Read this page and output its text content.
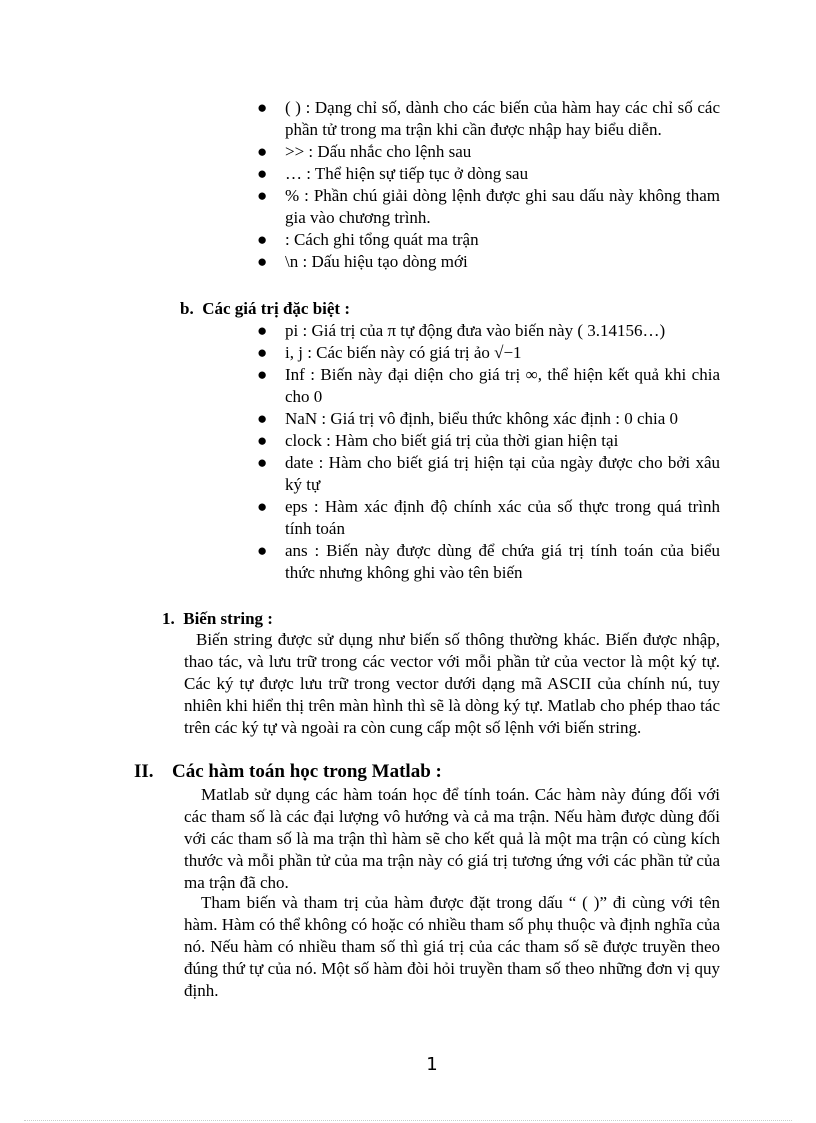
● ( ) : Dạng chỉ số, dành cho các biến của hàm hay các chỉ số các phần tử trong ma trận khi cần được nhập hay biểu diễn.
● >> : Dấu nhắc cho lệnh sau
● … : Thể hiện sự tiếp tục ở dòng sau
● % : Phần chú giải dòng lệnh được ghi sau dấu này không tham gia vào chương trình.
● : Cách ghi tổng quát ma trận
● \n : Dấu hiệu tạo dòng mới
b. Các giá trị đặc biệt :
● pi : Giá trị của π tự động đưa vào biến này ( 3.14156…)
● i, j : Các biến này có giá trị ảo √−1
● Inf : Biến này đại diện cho giá trị ∞, thể hiện kết quả khi chia cho 0
● NaN : Giá trị vô định, biểu thức không xác định : 0 chia 0
● clock : Hàm cho biết giá trị của thời gian hiện tại
● date : Hàm cho biết giá trị hiện tại của ngày được cho bởi xâu ký tự
● eps : Hàm xác định độ chính xác của số thực trong quá trình tính toán
● ans : Biến này được dùng để chứa giá trị tính toán của biểu thức nhưng không ghi vào tên biến
1. Biến string :

Biến string được sử dụng như biến số thông thường khác. Biến được nhập, thao tác, và lưu trữ trong các vector với mỗi phần tử của vector là một ký tự. Các ký tự được lưu trữ trong vector dưới dạng mã ASCII của chính nú, tuy nhiên khi hiển thị trên màn hình thì sẽ là dòng ký tự. Matlab cho phép thao tác trên các ký tự và ngoài ra còn cung cấp một số lệnh với biến string.

II. Các hàm toán học trong Matlab :

Matlab sử dụng các hàm toán học để tính toán. Các hàm này đúng đối với các tham số là các đại lượng vô hướng và cả ma trận. Nếu hàm được dùng đối với các tham số là ma trận thì hàm sẽ cho kết quả là một ma trận có cùng kích thước và mỗi phần tử của ma trận này có giá trị tương ứng với các phần tử của ma trận đã cho.

Tham biến và tham trị của hàm được đặt trong dấu “ ( )” đi cùng với tên hàm. Hàm có thể không có hoặc có nhiều tham số phụ thuộc và định nghĩa của nó. Nếu hàm có nhiều tham số thì giá trị của các tham số sẽ được truyền theo đúng thứ tự của nó. Một số hàm đòi hỏi truyền tham số theo những đơn vị quy định.

1
